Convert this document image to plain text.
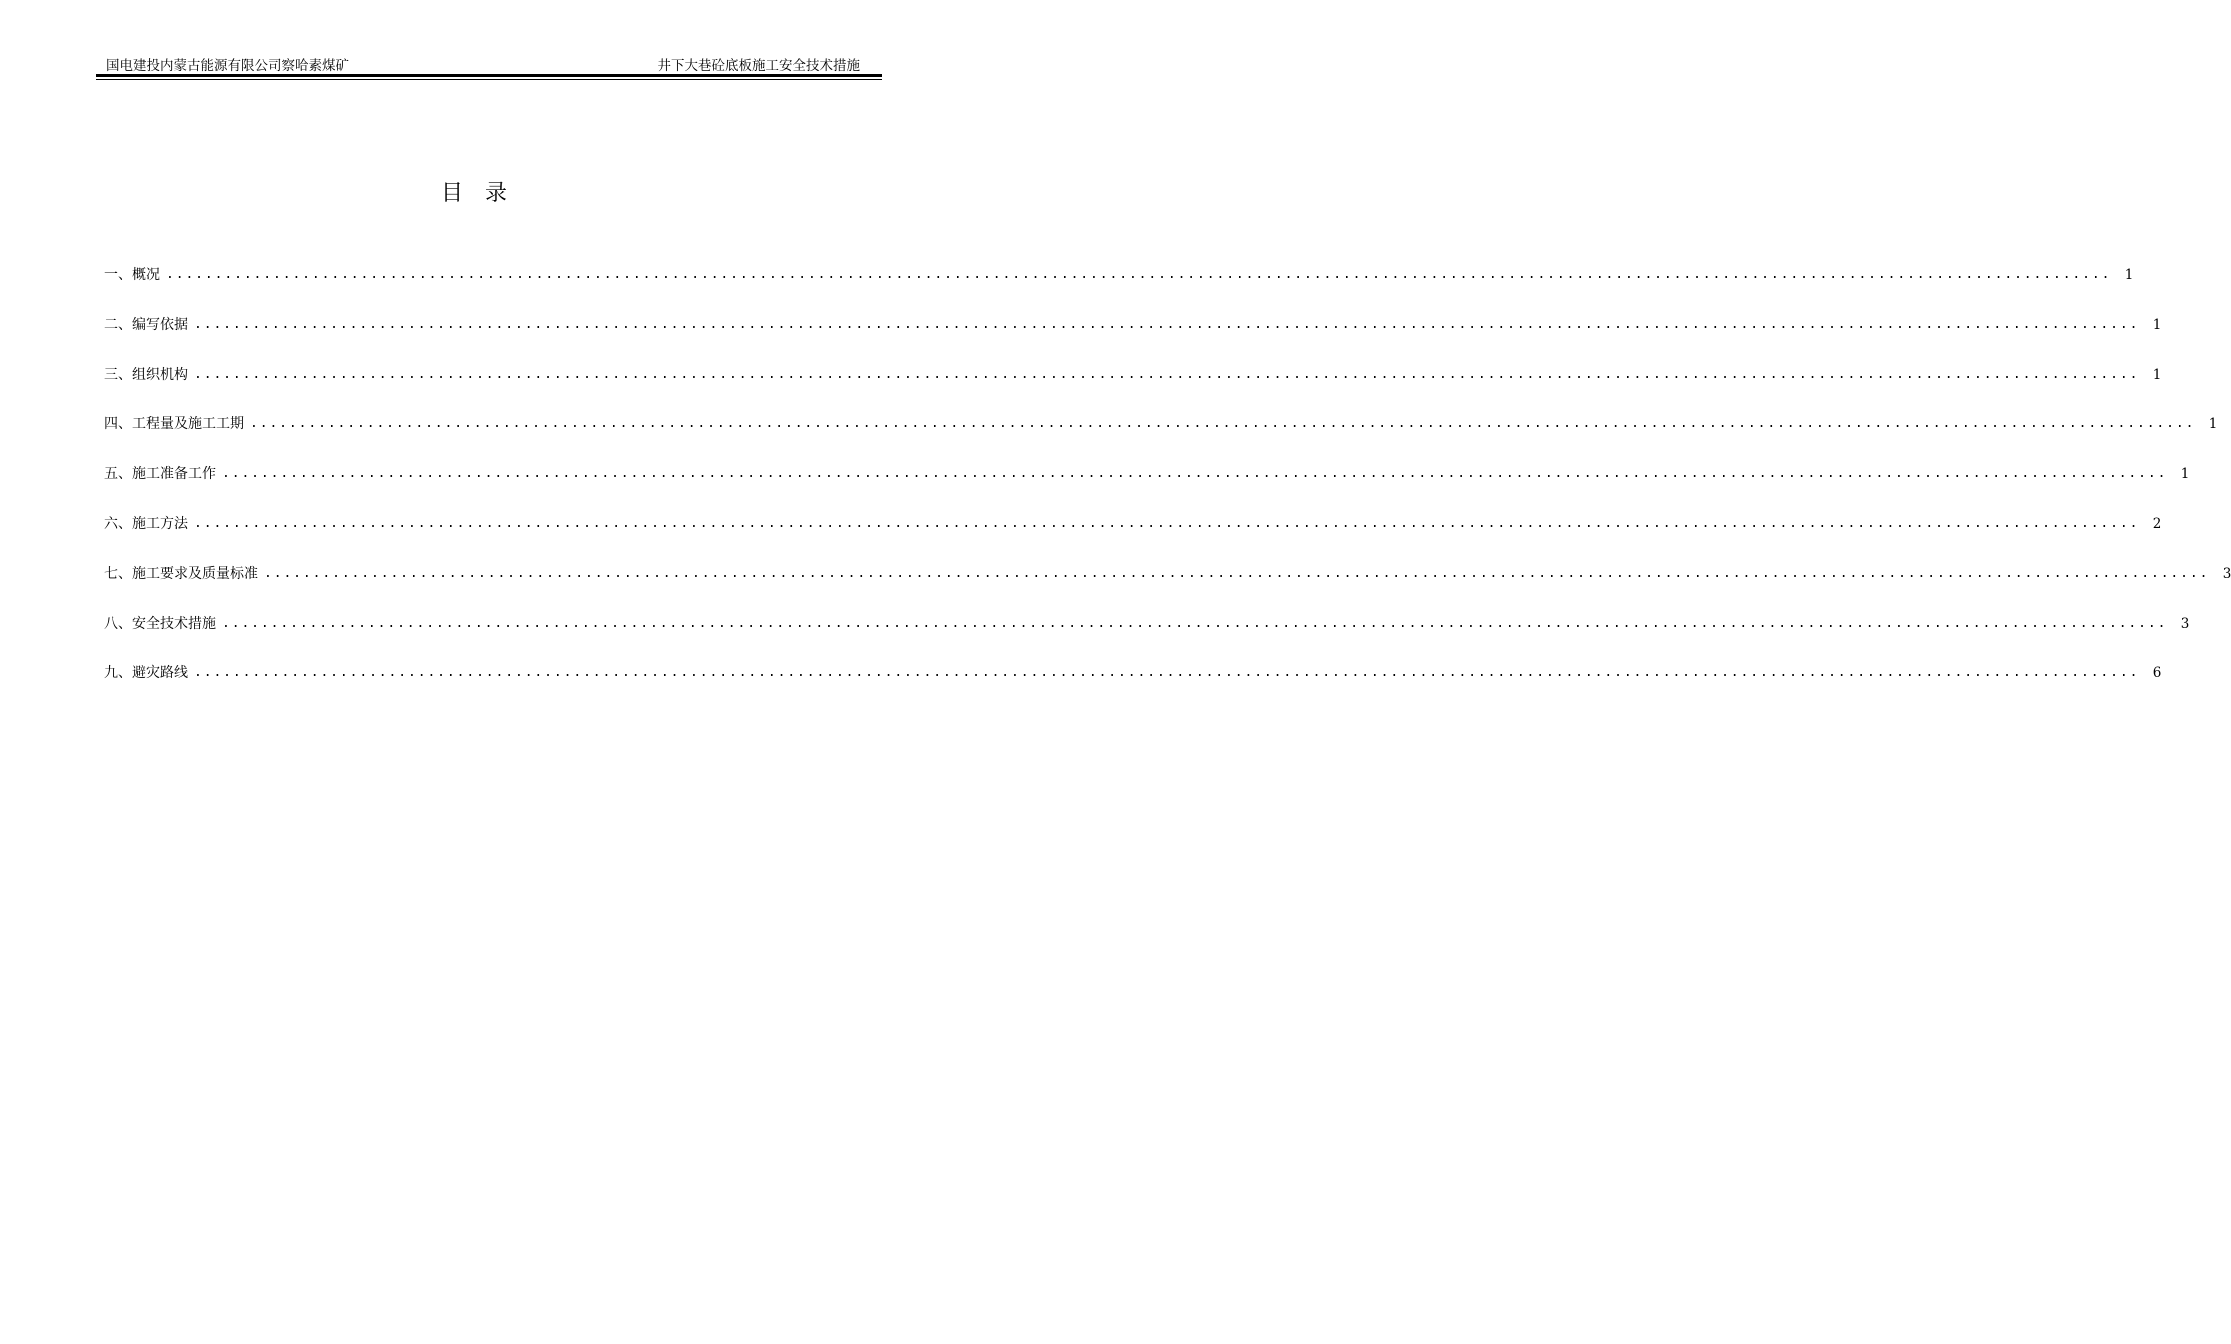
国电建投内蒙古能源有限公司察哈素煤矿	井下大巷砼底板施工安全技术措施
目录
一、概况 ........................................................................................................................................................................................................ 1
二、编写依据 ........................................................................................................................................................................................................ 1
三、组织机构 ........................................................................................................................................................................................................ 1
四、工程量及施工工期 ........................................................................................................................................................................................................ 1
五、施工准备工作 ........................................................................................................................................................................................................ 1
六、施工方法 ........................................................................................................................................................................................................ 2
七、施工要求及质量标准 ........................................................................................................................................................................................................ 3
八、安全技术措施 ........................................................................................................................................................................................................ 3
九、避灾路线 ........................................................................................................................................................................................................ 6
